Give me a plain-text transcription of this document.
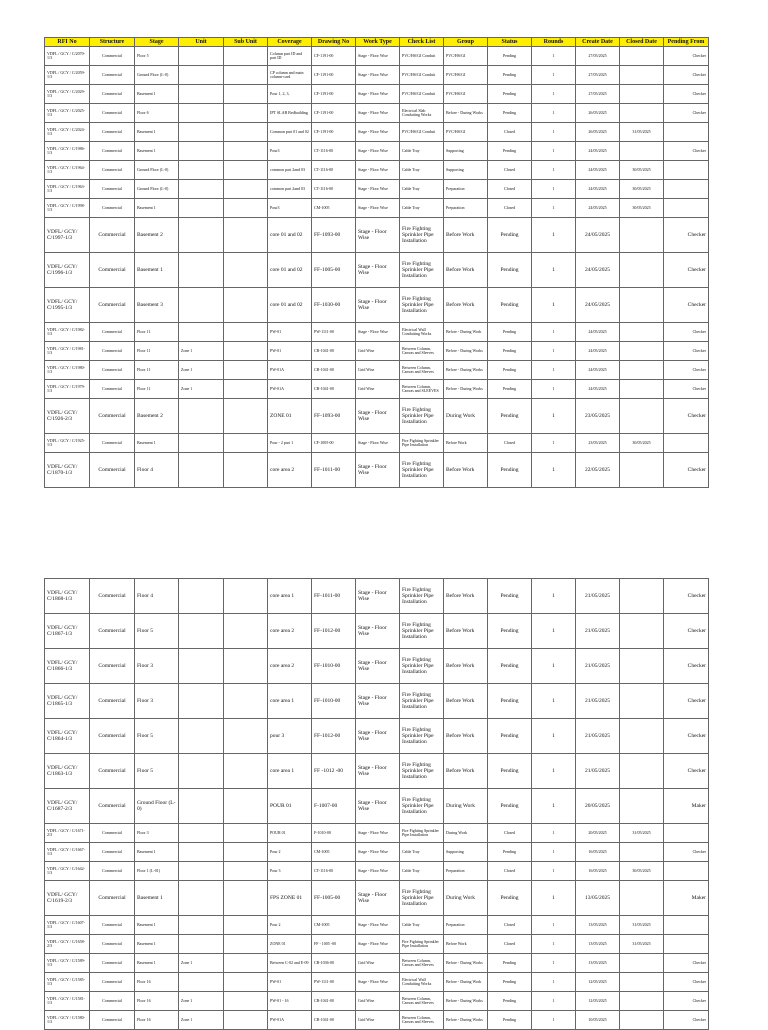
RFI No	Structure	Stage	Unit	Sub Unit	Coverage	Drawing No	Work Type	Check List	Group	Status	Rounds	Create Date	Closed Date	Pending From
VDFL / GCY / C/2070-1/3	Commercial	Floor 5			Column part ID and part ID	CF-1191-00	Stage - Floor Wise	PVC/HS/GI Conduit	PVC/HS/GI	Pending	1	27/05/2025		Checker
VDFL / GCY / C/2059-1/3	Commercial	Ground Floor (L-0)			CP column and main column-card	CF-1191-00	Stage - Floor Wise	PVC/HS/GI Conduit	PVC/HS/GI	Pending	1	27/05/2025		Checker
VDFL / GCY / C/2029-1/3	Commercial	Basement 1			Pour 1, 2, 3,	CF-1191-00	Stage - Floor Wise	PVC/HS/GI Conduit	PVC/HS/GI	Pending	1	27/05/2025		Checker
VDFL / GCY / C/2025-1/3	Commercial	Floor 6			IPT SLAB Bedbuilding	CF-1191-00	Stage - Floor Wise	Electrical Slab Conduiting Works	Before - During Works	Pending	1	26/05/2025		Checker
VDFL / GCY / C/2024-1/3	Commercial	Basement 1			Common part 01 and 02	CF-1191-00	Stage - Floor Wise	PVC/HS/GI Conduit	PVC/HS/GI	Closed	1	26/05/2025	31/05/2025	
VDFL / GCY / C/1986-1/3	Commercial	Basement 1			Pour3	CT-1116-00	Stage - Floor Wise	Cable Tray	Supporting	Pending	1	24/05/2025		Checker
VDFL / GCY / C/1964-1/3	Commercial	Ground Floor (L-0)			common part 2and 03	CT-1116-00	Stage - Floor Wise	Cable Tray	Supporting	Closed	1	24/05/2025	30/05/2025	
VDFL / GCY / C/1963-1/3	Commercial	Ground Floor (L-0)			common part 2and 03	CT-1116-00	Stage - Floor Wise	Cable Tray	Preparation	Closed	1	24/05/2025	30/05/2025	
VDFL / GCY / C/1998-1/3	Commercial	Basement 1			Pour3	CM-1005	Stage - Floor Wise	Cable Tray	Preparation	Closed	1	24/05/2025	30/05/2025	
VDFL/ GCY/ C/1997-1/3	Commercial	Basement 2			core 01 and 02	FF-1093-00	Stage - Floor Wise	Fire Fighting Sprinkler Pipe Installation	Before Work	Pending	1	24/05/2025		Checker
VDFL/ GCY/ C/1996-1/3	Commercial	Basement 1			core 01 and 02	FF-1005-00	Stage - Floor Wise	Fire Fighting Sprinkler Pipe Installation	Before Work	Pending	1	24/05/2025		Checker
VDFL/ GCY/ C/1995-1/3	Commercial	Basement 3			core 01 and 02	FF-1030-00	Stage - Floor Wise	Fire Fighting Sprinkler Pipe Installation	Before Work	Pending	1	24/05/2025		Checker
VDFL / GCY / C/1982-1/3	Commercial	Floor 11			PW-01	PW-1111-00	Stage - Floor Wise	Electrical Wall Conduiting Works	Before - During Work	Pending	1	24/05/2025		Checker
VDFL / GCY / C/1981-1/3	Commercial	Floor 11	Zone 1		PW-01	CB-1041-00	Grid Wise	Between Column, Canvas and Sleeves	Before - During Works	Pending	1	24/05/2025		Checker
VDFL / GCY / C/1980-1/3	Commercial	Floor 11	Zone 1		PW-01A	CB-1041-00	Grid Wise	Between Column, Canvas and Sleeves	Before - During Works	Pending	1	24/05/2025		Checker
VDFL / GCY / C/1979-1/3	Commercial	Floor 11	Zone 1		PW-01A	CB-1041-00	Grid Wise	Between Column, Canvas and SLEEVES	Before - During Works	Pending	1	24/05/2025		Checker
VDFL/ GCY/ C/1926-2/3	Commercial	Basement 2			ZONE 01	FF-1093-00	Stage - Floor Wise	Fire Fighting Sprinkler Pipe Installation	During Work	Pending	1	23/05/2025		Checker
VDFL / GCY / C/1925-1/3	Commercial	Basement 1			Pour - 2 part 1	CF-1005-00	Stage - Floor Wise	Fire Fighting Sprinkler Pipe Installation	Before Work	Closed	1	23/05/2025	30/05/2025	
VDFL/ GCY/ C/1870-1/3	Commercial	Floor 4			core area 2	FF-1011-00	Stage - Floor Wise	Fire Fighting Sprinkler Pipe Installation	Before Work	Pending	1	22/05/2025		Checker
VDFL/ GCY/ C/1868-1/3	Commercial	Floor 4			core area 1	FF-1011-00	Stage - Floor Wise	Fire Fighting Sprinkler Pipe Installation	Before Work	Pending	1	21/05/2025		Checker
VDFL/ GCY/ C/1867-1/3	Commercial	Floor 5			core area 2	FF-1012-00	Stage - Floor Wise	Fire Fighting Sprinkler Pipe Installation	Before Work	Pending	1	21/05/2025		Checker
VDFL/ GCY/ C/1866-1/3	Commercial	Floor 3			core area 2	FF-1010-00	Stage - Floor Wise	Fire Fighting Sprinkler Pipe Installation	Before Work	Pending	1	21/05/2025		Checker
VDFL/ GCY/ C/1865-1/3	Commercial	Floor 3			core area 1	FF-1010-00	Stage - Floor Wise	Fire Fighting Sprinkler Pipe Installation	Before Work	Pending	1	21/05/2025		Checker
VDFL/ GCY/ C/1864-1/3	Commercial	Floor 5			pour 3	FF-1012-00	Stage - Floor Wise	Fire Fighting Sprinkler Pipe Installation	Before Work	Pending	1	21/05/2025		Checker
VDFL/ GCY/ C/1863-1/3	Commercial	Floor 5			core area 1	FF -1012 -00	Stage - Floor Wise	Fire Fighting Sprinkler Pipe Installation	Before Work	Pending	1	21/05/2025		Checker
VDFL/ GCY/ C/1687-2/3	Commercial	Ground Floor (L-0)			POUR 01	F-1007-00	Stage - Floor Wise	Fire Fighting Sprinkler Pipe Installation	During Work	Pending	1	20/05/2025		Maker
VDFL / GCY / C/1671-2/3	Commercial	Floor 3			POUR 01	F-1010-00	Stage - Floor Wise	Fire Fighting Sprinkler Pipe Installation	During Work	Closed	1	20/05/2025	31/05/2025	
VDFL / GCY / C/1667-1/3	Commercial	Basement 1			Pour 2	CM-1005	Stage - Floor Wise	Cable Tray	Supporting	Pending	1	16/05/2025		Checker
VDFL / GCY / C/1642-1/3	Commercial	Floor 1 (L-01)			Pour 3	CT-1116-00	Stage - Floor Wise	Cable Tray	Preparation	Closed	1	16/05/2025	30/05/2025	
VDFL/ GCY/ C/1619-2/3	Commercial	Basement 1			FPS ZONE 01	FF-1005-00	Stage - Floor Wise	Fire Fighting Sprinkler Pipe Installation	During Work	Pending	1	13/05/2025		Maker
VDFL / GCY / C/1607-1/3	Commercial	Basement 1			Pour 2	CM-1005	Stage - Floor Wise	Cable Tray	Preparation	Closed	1	13/05/2025	31/05/2025	
VDFL / GCY / C/1658-2/3	Commercial	Basement 1			ZONE 01	FF - 1005 -00	Stage - Floor Wise	Fire Fighting Sprinkler Pipe Installation	Before Work	Closed	1	13/05/2025	31/05/2025	
VDFL / GCY / C/1589-1/3	Commercial	Basement 1	Zone 1		Between C-02 and E-09	CB-1036-00	Grid Wise	Between Column, Canvas and Sleeves	Before - During Works	Pending	1	13/05/2025		Checker
VDFL / GCY / C/1585-1/3	Commercial	Floor 16			PW-01	PW-1111-00	Stage - Floor Wise	Electrical Wall Conduiting Works	Before - During Work	Pending	1	12/05/2025		Checker
VDFL / GCY / C/1581-1/3	Commercial	Floor 16	Zone 1		PW-01 - 16	CB-1041-00	Grid Wise	Between Column, Canvas and Sleeves	Before - During Works	Pending	1	12/05/2025		Checker
VDFL / GCY / C/1580-1/3	Commercial	Floor 16	Zone 1		PW-01A	CB-1041-00	Grid Wise	Between Column, Canvas and Sleeves	Before - During Works	Pending	1	10/05/2025		Checker
